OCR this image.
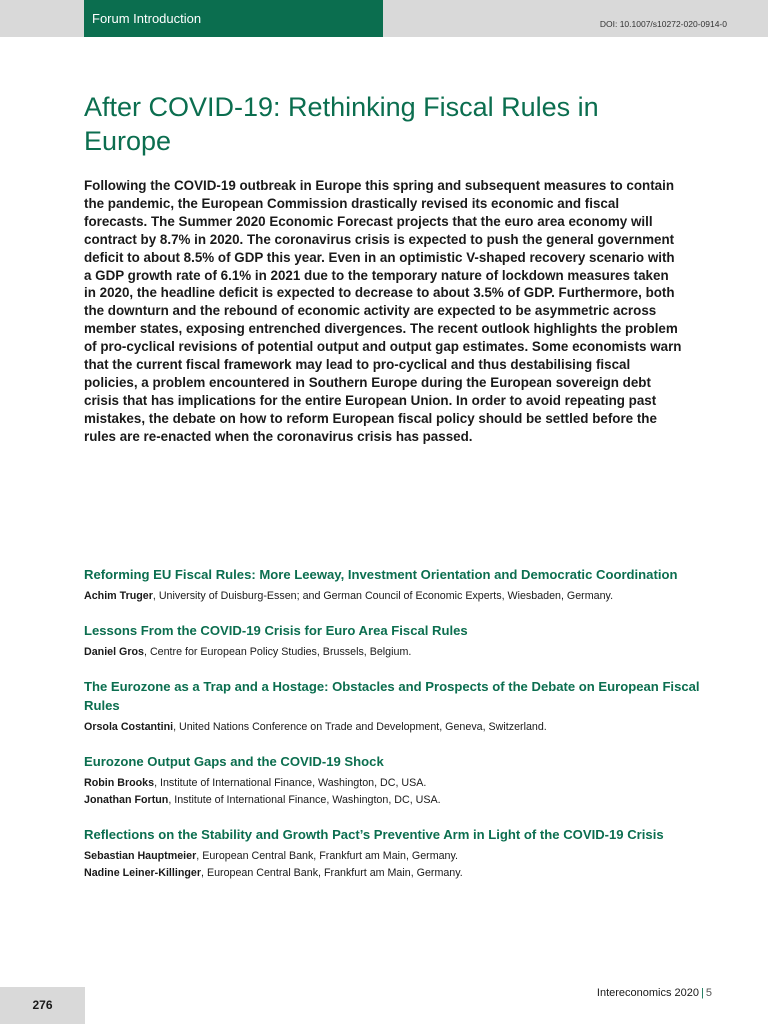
Forum Introduction	DOI: 10.1007/s10272-020-0914-0
After COVID-19: Rethinking Fiscal Rules in Europe

Following the COVID-19 outbreak in Europe this spring and subsequent measures to contain the pandemic, the European Commission drastically revised its economic and fiscal forecasts. The Summer 2020 Economic Forecast projects that the euro area economy will contract by 8.7% in 2020. The coronavirus crisis is expected to push the general government deficit to about 8.5% of GDP this year. Even in an optimistic V-shaped recovery scenario with a GDP growth rate of 6.1% in 2021 due to the temporary nature of lockdown measures taken in 2020, the headline deficit is expected to decrease to about 3.5% of GDP. Furthermore, both the downturn and the rebound of economic activity are expected to be asymmetric across member states, exposing entrenched divergences. The recent outlook highlights the problem of pro-cyclical revisions of potential output and output gap estimates. Some economists warn that the current fiscal framework may lead to pro-cyclical and thus destabilising fiscal policies, a problem encountered in Southern Europe during the European sovereign debt crisis that has implications for the entire European Union. In order to avoid repeating past mistakes, the debate on how to reform European fiscal policy should be settled before the rules are re-enacted when the coronavirus crisis has passed.

Reforming EU Fiscal Rules: More Leeway, Investment Orientation and Democratic Coordination

Achim Truger, University of Duisburg-Essen; and German Council of Economic Experts, Wiesbaden, Germany.

Lessons From the COVID-19 Crisis for Euro Area Fiscal Rules

Daniel Gros, Centre for European Policy Studies, Brussels, Belgium.

The Eurozone as a Trap and a Hostage: Obstacles and Prospects of the Debate on European Fiscal Rules

Orsola Costantini, United Nations Conference on Trade and Development, Geneva, Switzerland.

Eurozone Output Gaps and the COVID-19 Shock

Robin Brooks, Institute of International Finance, Washington, DC, USA.
Jonathan Fortun, Institute of International Finance, Washington, DC, USA.

Reflections on the Stability and Growth Pact’s Preventive Arm in Light of the COVID-19 Crisis

Sebastian Hauptmeier, European Central Bank, Frankfurt am Main, Germany.
Nadine Leiner-Killinger, European Central Bank, Frankfurt am Main, Germany.
276
Intereconomics 2020 | 5
